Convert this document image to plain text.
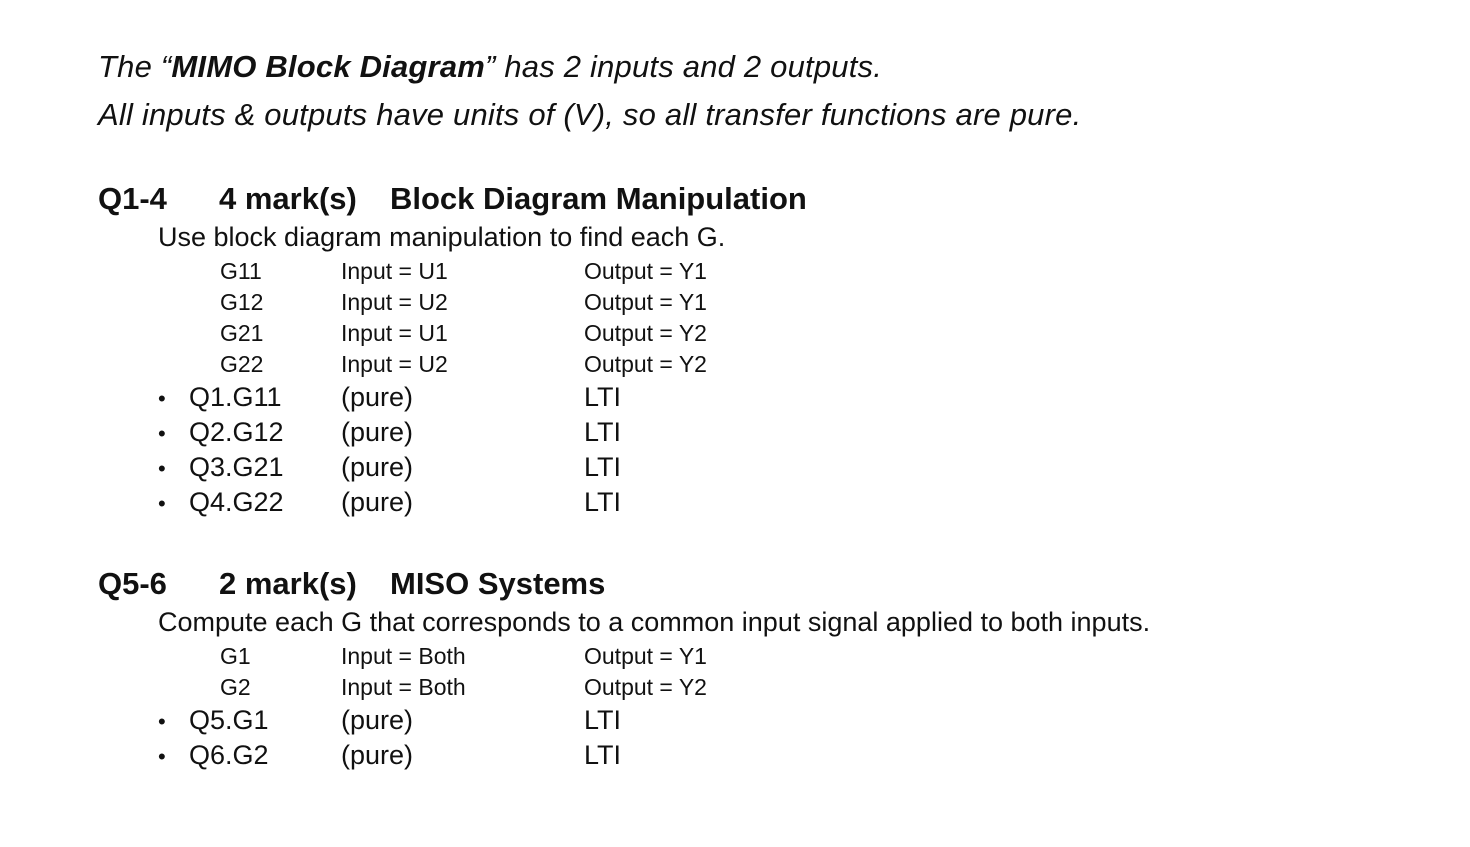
The “MIMO Block Diagram” has 2 inputs and 2 outputs.
All inputs & outputs have units of (V), so all transfer functions are pure.
Q1-4 4 mark(s) Block Diagram Manipulation
Use block diagram manipulation to find each G.
G11	Input = U1	Output = Y1
G12	Input = U2	Output = Y1
G21	Input = U1	Output = Y2
G22	Input = U2	Output = Y2
• Q1.G11 (pure)	LTI
• Q2.G12 (pure)	LTI
• Q3.G21 (pure)	LTI
• Q4.G22 (pure)	LTI
Q5-6 2 mark(s) MISO Systems
Compute each G that corresponds to a common input signal applied to both inputs.
G1	Input = Both	Output = Y1
G2	Input = Both	Output = Y2
• Q5.G1	(pure)	LTI
• Q6.G2	(pure)	LTI
